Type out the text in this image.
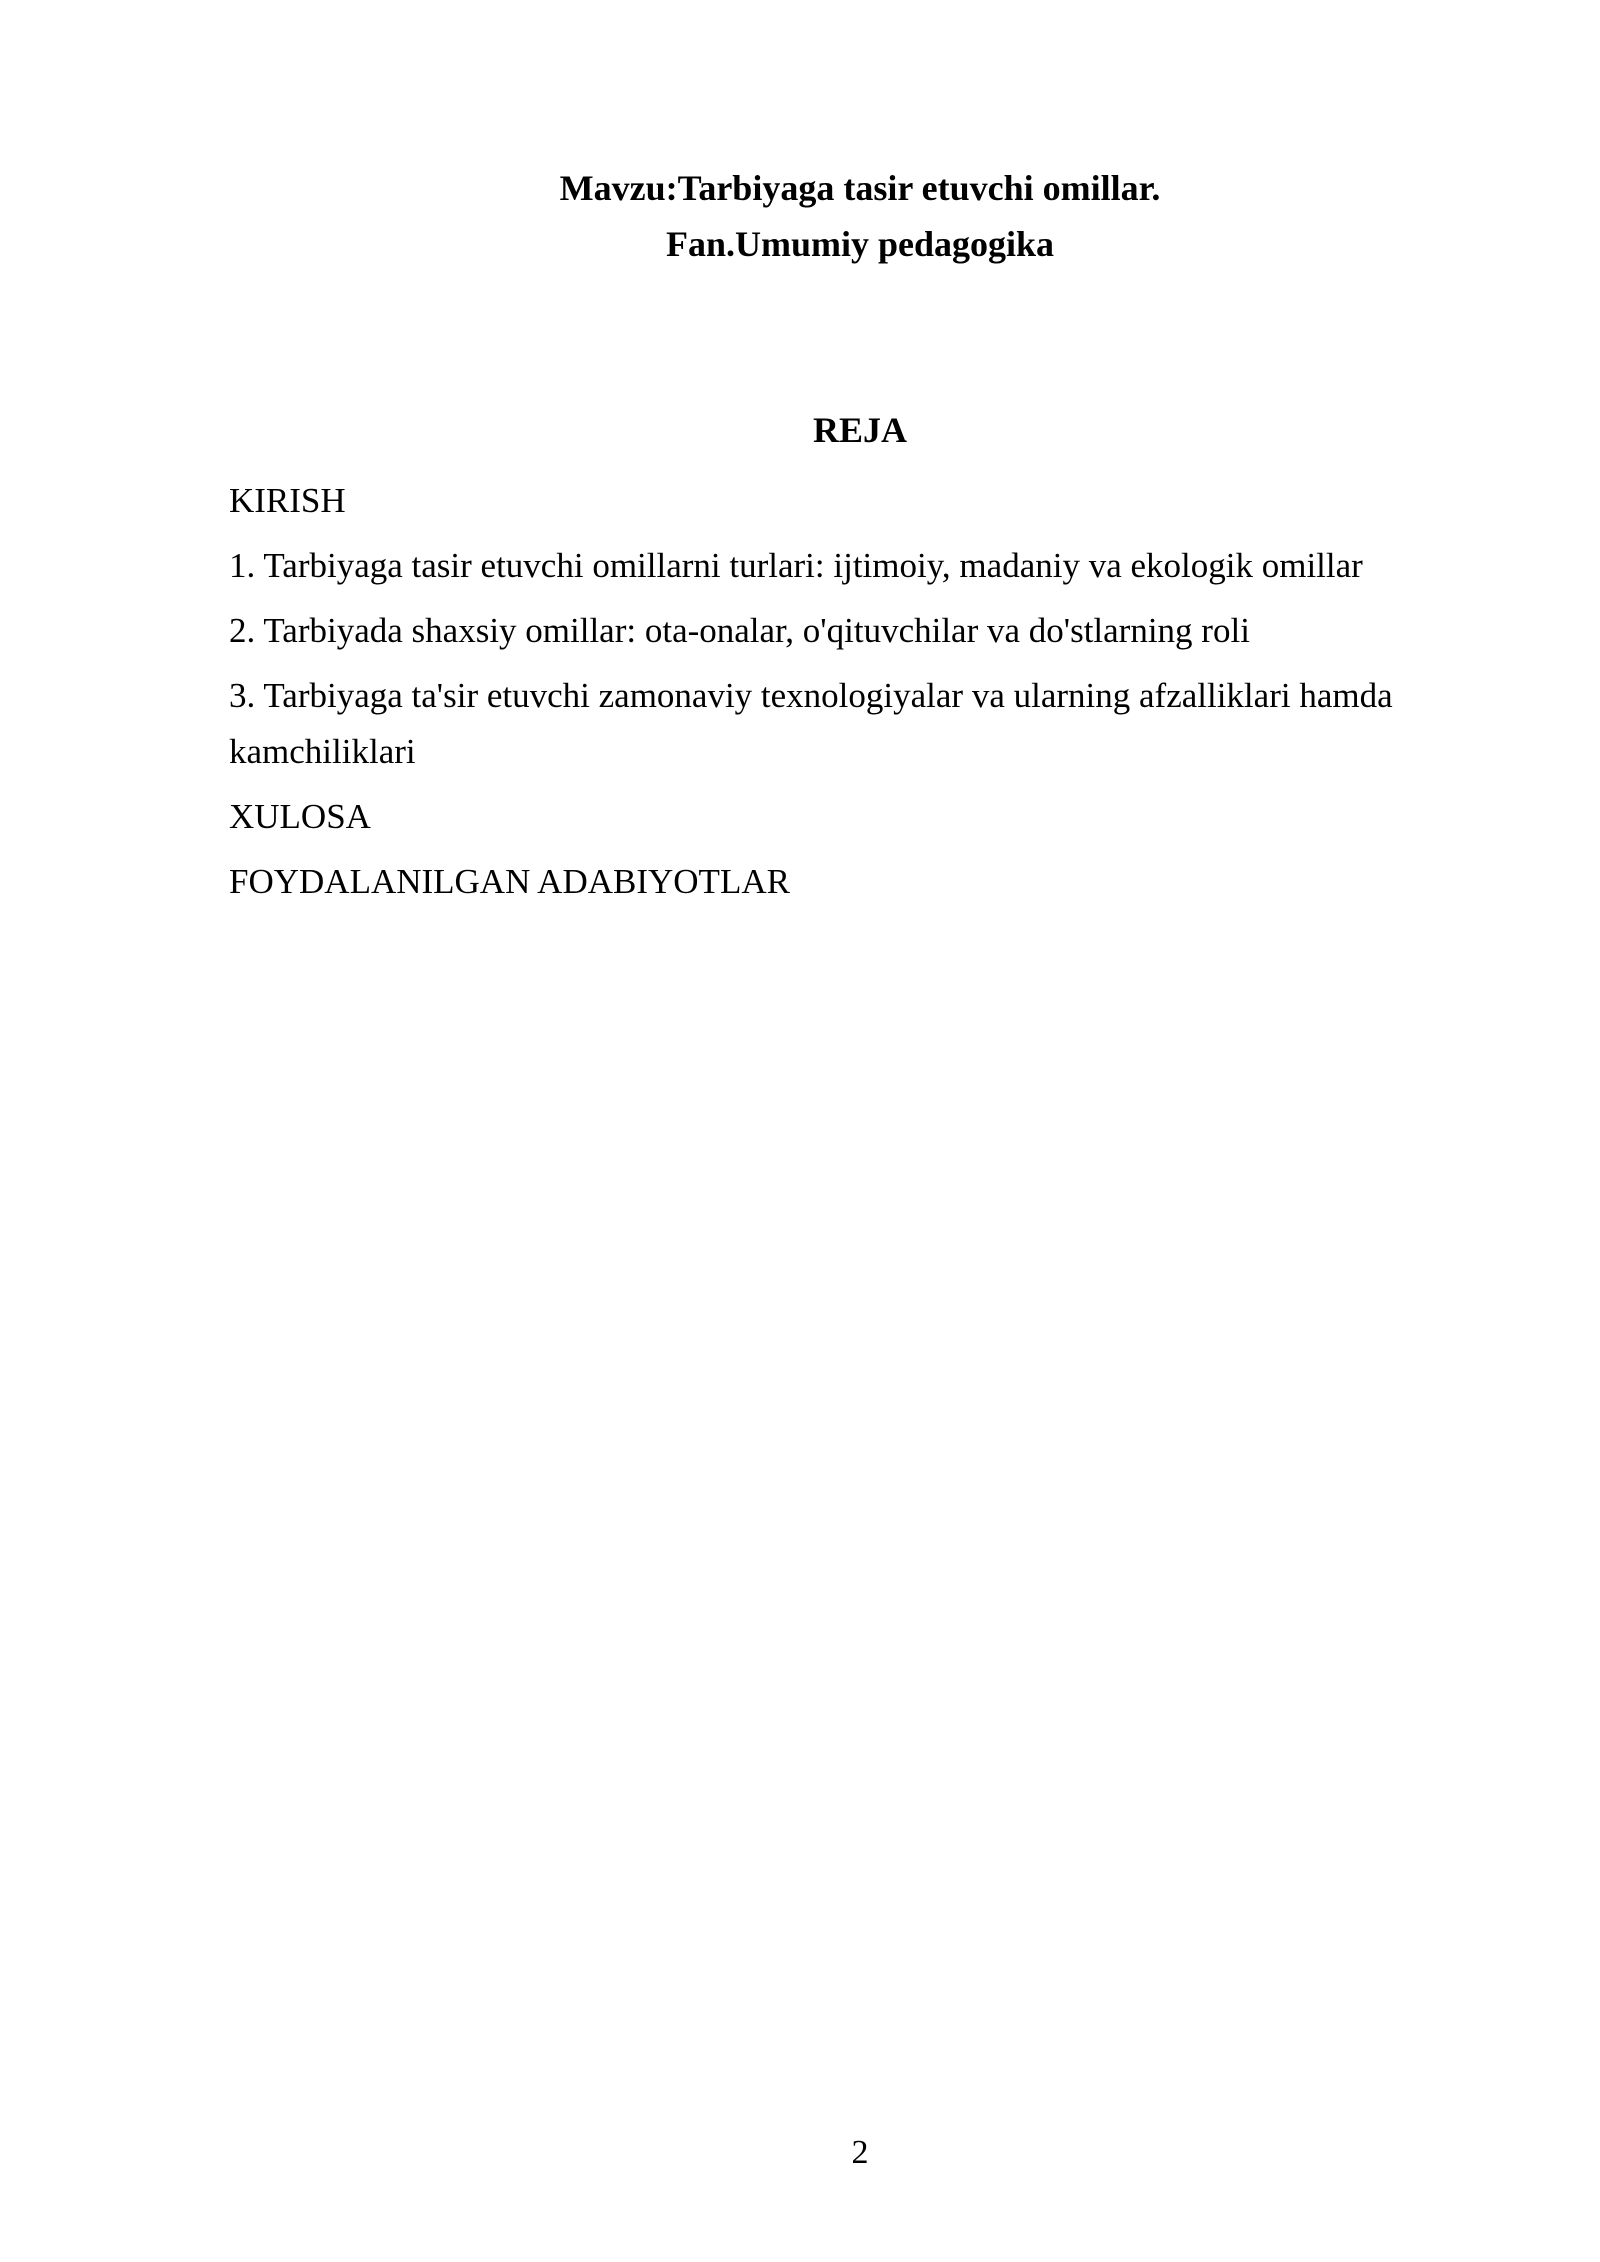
Mavzu:Tarbiyaga tasir etuvchi omillar.

Fan.Umumiy pedagogika

REJA

KIRISH

1. Tarbiyaga tasir etuvchi omillarni turlari: ijtimoiy, madaniy va ekologik omillar

2. Tarbiyada shaxsiy omillar: ota-onalar, o'qituvchilar va do'stlarning roli

3. Tarbiyaga ta'sir etuvchi zamonaviy texnologiyalar va ularning afzalliklari hamda kamchiliklari

XULOSA

FOYDALANILGAN ADABIYOTLAR

2
